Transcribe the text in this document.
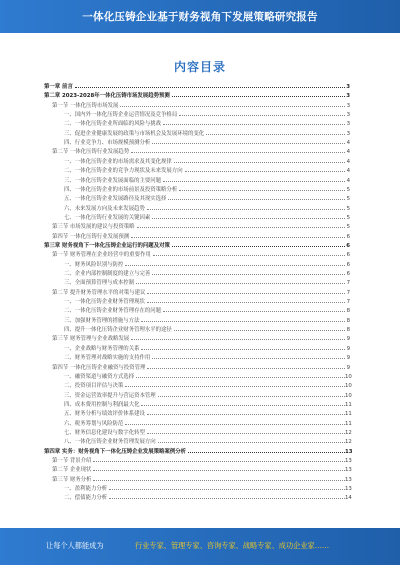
一体化压铸企业基于财务视角下发展策略研究报告
内容目录
第一章 前言	3
第二章 2023-2028年一体化压铸市场发展趋势预测	3
第一节 一体化压铸市场发展	3
一、国内外一体化压铸企业运营情况及竞争格局	3
二、一体化压铸企业所面临的风险与挑战	3
三、促进企业健康发展的政策与市场机会及发展环境的变化	3
四、行业竞争力、市场规模预测分析	4
第二节 一体化压铸行业发展趋势	4
一、一体化压铸企业的市场需求及其变化规律	4
二、一体化压铸企业的竞争力现状及未来发展方向	4
三、一体化压铸企业发展面临的主要问题	4
四、一体化压铸企业的市场前景及投资策略分析	5
五、一体化压铸企业发展路径及其现实选择	5
六、未来发展方向及未来发展趋势	5
七、一体化压铸行业发展的关键因素	5
第三节 市场发展的建议与投资策略	5
第四节 一体化压铸行业发展预测	6
第三章 财务视角下一体化压铸企业运行的问题及对策	6
第一节 财务管理在企业经营中的重要作用	6
一、财务风险识别与防控	6
二、企业内部控制制度的建立与完善	6
三、全面预算管理与成本控制	7
第二节 提升财务管理水平的对策与建议	7
一、一体化压铸企业财务管理现状	7
二、一体化压铸企业财务管理存在的问题	8
三、加强财务管理的措施与方法	8
四、提升一体化压铸企业财务管理水平的途径	8
第三节 财务管理与企业战略发展	9
一、企业战略与财务管理的关系	9
二、财务管理对战略实施的支持作用	9
第四节 一体化压铸企业融资与投资管理	9
一、融资渠道与融资方式选择	10
二、投资项目评估与决策	10
三、资金运营效率提升与营运资本管理	10
四、成本费用控制与利润最大化	11
五、财务分析与绩效评价体系建设	11
六、税务筹划与风险防范	11
七、财务信息化建设与数字化转型	12
八、一体化压铸企业财务管理发展方向	12
第四章 实务：财务视角下一体化压铸企业发展策略案例分析	13
第一节 背景介绍	13
第二节 企业现状	13
第三节 财务分析	13
一、盈利能力分析	13
二、偿债能力分析	14
让每个人都能成为	行业专家、管理专家、咨询专家、战略专家、成功企业家……
